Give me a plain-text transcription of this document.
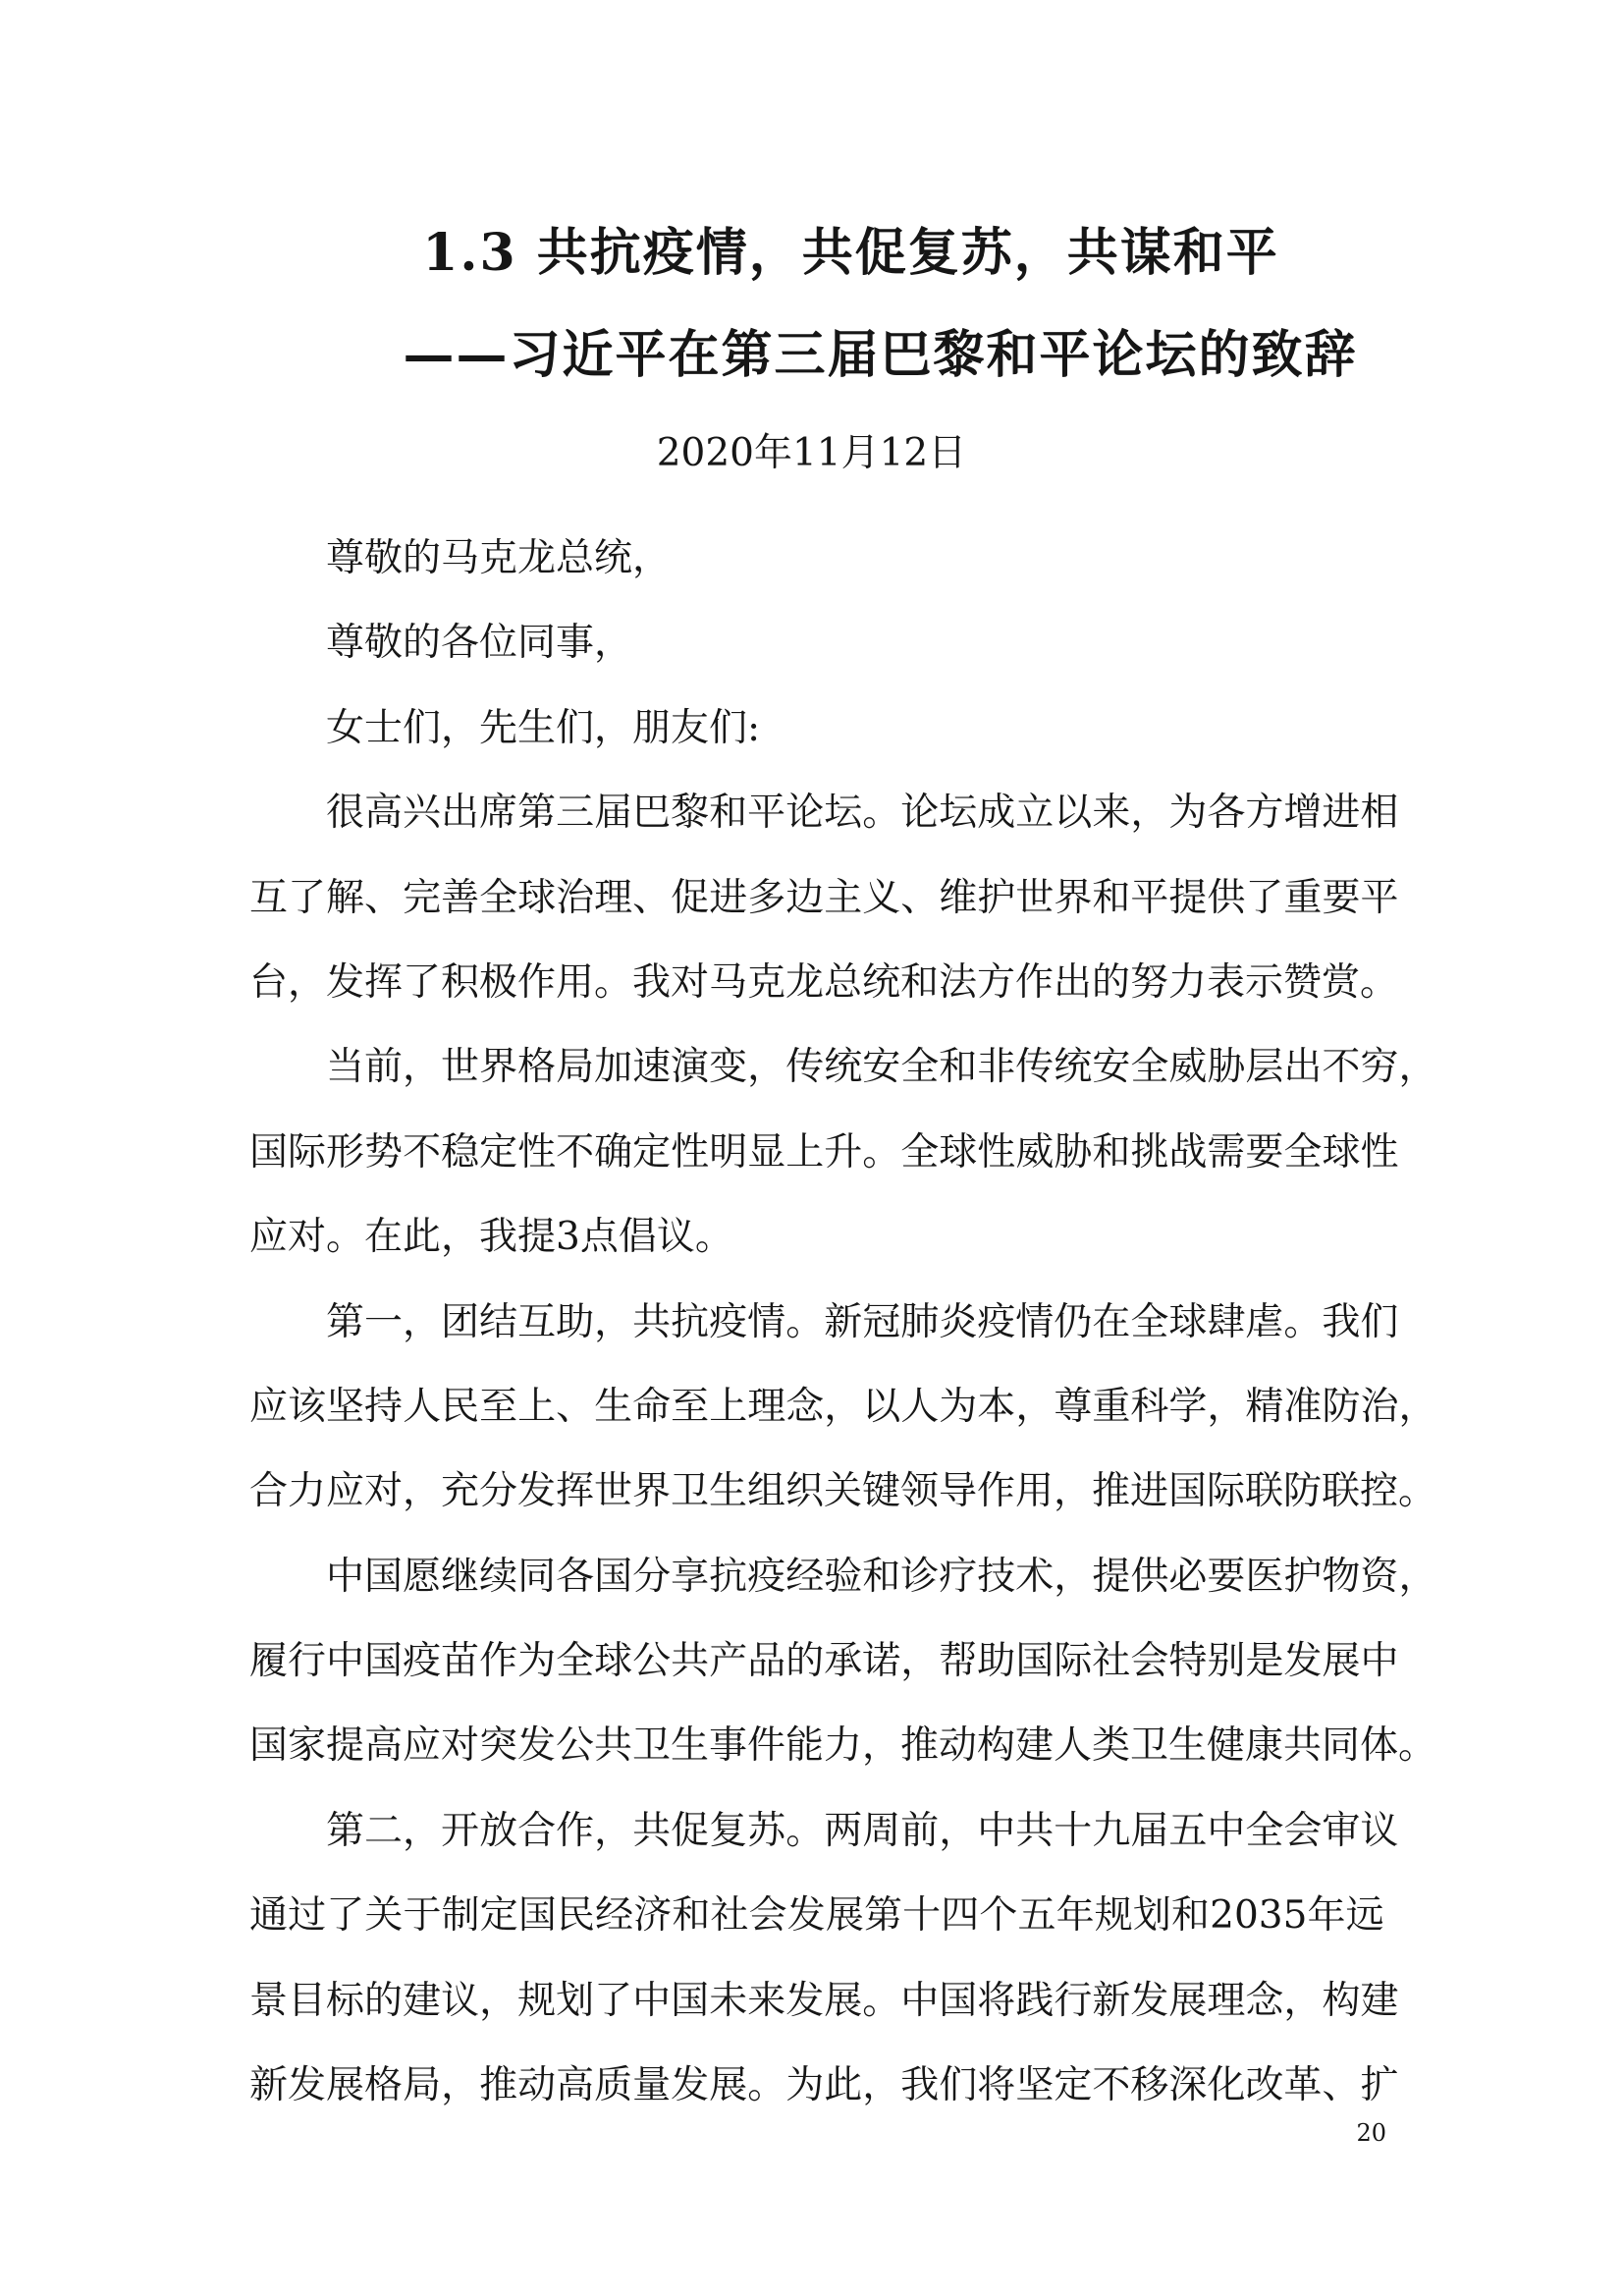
1.3 共抗疫情，共促复苏，共谋和平
——习近平在第三届巴黎和平论坛的致辞
2020年11月12日
尊敬的马克龙总统，
尊敬的各位同事，
女士们，先生们，朋友们:
很 高 兴 出 席 第 三 届 巴 黎 和 平 论 坛 。 论 坛 成 立 以 来 ， 为 各 方 增 进 相
互 了 解 、 完 善 全 球 治 理 、 促 进 多 边 主 义 、 维 护 世 界 和 平 提 供 了 重 要 平
台，发挥了积极作用。我对马克龙总统和法方作出的努力表示赞赏。
当 前 ， 世 界 格 局 加 速 演 变 ， 传 统 安 全 和 非 传 统 安 全 威 胁 层 出 不 穷 ，
国 际 形 势 不 稳 定 性 不 确 定 性 明 显 上 升 。 全 球 性 威 胁 和 挑 战 需 要 全 球 性
应对。在此，我提3点倡议。
第 一 ， 团 结 互 助 ， 共 抗 疫 情 。 新 冠 肺 炎 疫 情 仍 在 全 球 肆 虐 。 我 们
应 该 坚 持 人 民 至 上 、 生 命 至 上 理 念 ， 以 人 为 本 ， 尊 重 科 学 ， 精 准 防 治 ，
合力应对，充分发挥世界卫生组织关键领导作用，推进国际联防联控。
中 国 愿 继 续 同 各 国 分 享 抗 疫 经 验 和 诊 疗 技 术 ， 提 供 必 要 医 护 物 资 ，
履 行 中 国 疫 苗 作 为 全 球 公 共 产 品 的 承 诺 ， 帮 助 国 际 社 会 特 别 是 发 展 中
国家提高应对突发公共卫生事件能力，推动构建人类卫生健康共同体。
第 二 ， 开 放 合 作 ， 共 促 复 苏 。 两 周 前 ， 中 共 十 九 届 五 中 全 会 审 议
通 过 了 关 于 制 定 国 民 经 济 和 社 会 发 展 第 十 四 个 五 年 规 划 和 2035 年 远
景 目 标 的 建 议 ， 规 划 了 中 国 未 来 发 展 。 中 国 将 践 行 新 发 展 理 念 ， 构 建
新 发 展 格 局 ， 推 动 高 质 量 发 展 。 为 此 ， 我 们 将 坚 定 不 移 深 化 改 革 、 扩
20
